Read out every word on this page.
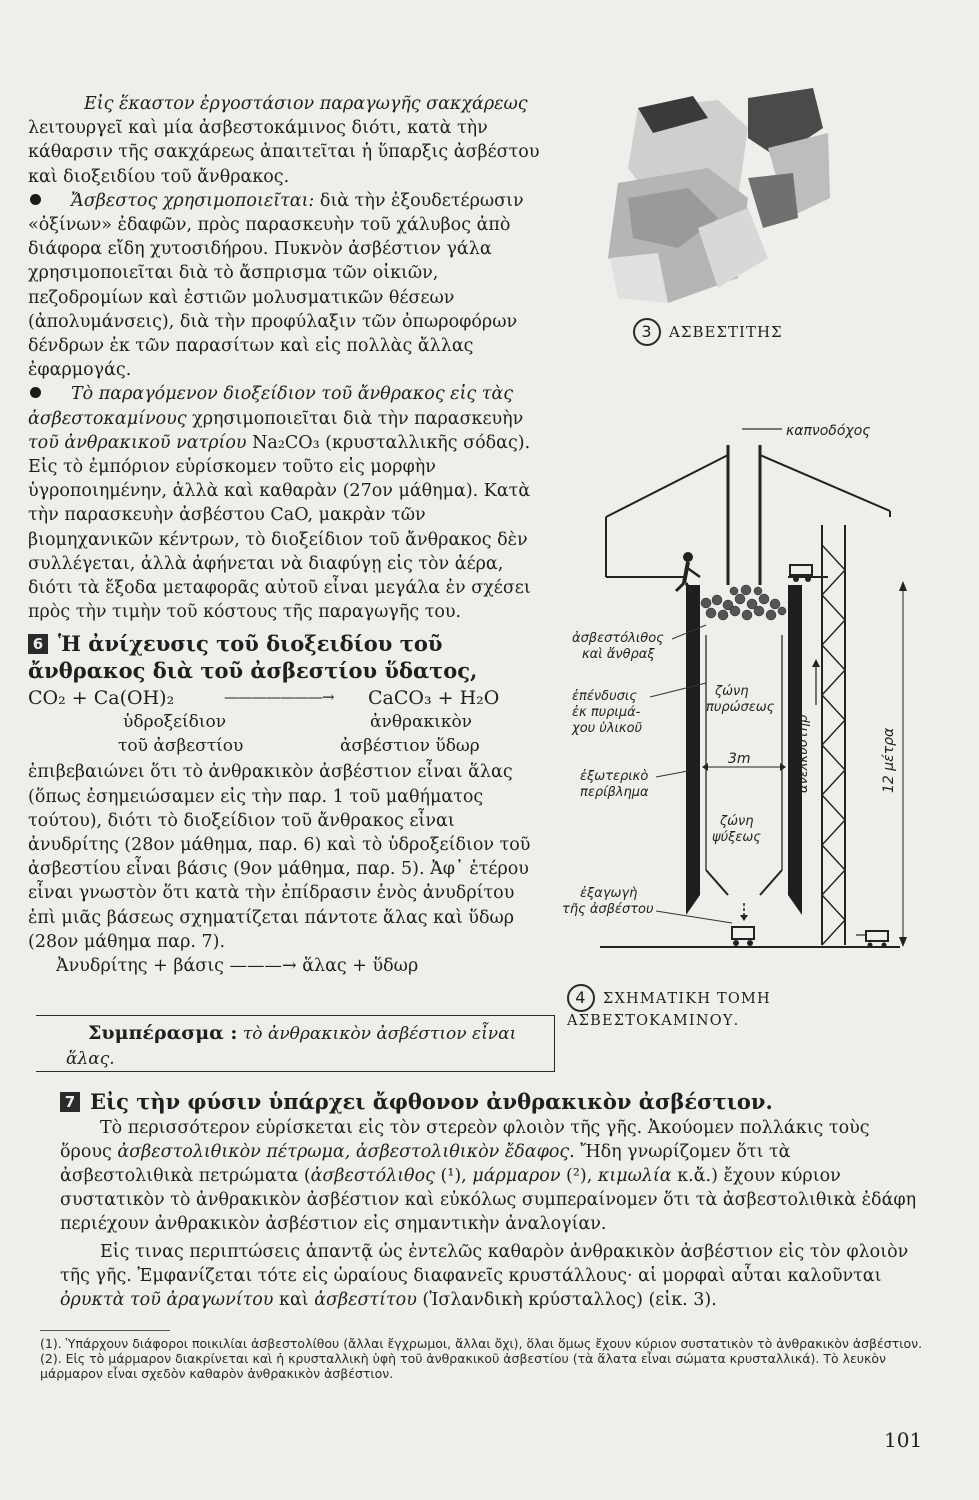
Εἰς ἕκαστον ἐργοστάσιον παραγωγῆς σακχάρεως λειτουργεῖ καὶ μία ἀσβεστοκάμινος διότι, κατὰ τὴν κάθαρσιν τῆς σακχάρεως ἀπαιτεῖται ἡ ὕπαρξις ἀσβέστου καὶ διοξειδίου τοῦ ἄνθρακος.

Ἄσβεστος χρησιμοποιεῖται: διὰ τὴν ἐξουδετέρωσιν «ὀξίνων» ἐδαφῶν, πρὸς παρασκευὴν τοῦ χάλυβος ἀπὸ διάφορα εἴδη χυτοσιδήρου. Πυκνὸν ἀσβέστιον γάλα χρησιμοποιεῖται διὰ τὸ ἄσπρισμα τῶν οἰκιῶν, πεζοδρομίων καὶ ἑστιῶν μολυσματικῶν θέσεων (ἀπολυμάνσεις), διὰ τὴν προφύλαξιν τῶν ὀπωροφόρων δένδρων ἐκ τῶν παρασίτων καὶ εἰς πολλὰς ἄλλας ἐφαρμογάς.

Τὸ παραγόμενον διοξείδιον τοῦ ἄνθρακος εἰς τὰς ἀσβεστοκαμίνους χρησιμοποιεῖται διὰ τὴν παρασκευὴν τοῦ ἀνθρακικοῦ νατρίου Na₂CO₃ (κρυσταλλικῆς σόδας). Εἰς τὸ ἐμπόριον εὑρίσκομεν τοῦτο εἰς μορφὴν ὑγροποιημένην, ἀλλὰ καὶ καθαρὰν (27ον μάθημα). Κατὰ τὴν παρασκευὴν ἀσβέστου CaO, μακρὰν τῶν βιομηχανικῶν κέντρων, τὸ διοξείδιον τοῦ ἄνθρακος δὲν συλλέγεται, ἀλλὰ ἀφήνεται νὰ διαφύγῃ εἰς τὸν ἀέρα, διότι τὰ ἔξοδα μεταφορᾶς αὐτοῦ εἶναι μεγάλα ἐν σχέσει πρὸς τὴν τιμὴν τοῦ κόστους τῆς παραγωγῆς του.

6 Ἡ ἀνίχευσις τοῦ διοξειδίου τοῦ ἄνθρακος διὰ τοῦ ἀσβεστίου ὕδατος,

CO₂ + Ca(OH)₂	———————→ CaCO₃ + H₂O
ὑδροξείδιον
τοῦ ἀσβεστίου
ἀνθρακικὸν
ἀσβέστιον ὕδωρ

ἐπιβεβαιώνει ὅτι τὸ ἀνθρακικὸν ἀσβέστιον εἶναι ἅλας (ὅπως ἐσημειώσαμεν εἰς τὴν παρ. 1 τοῦ μαθήματος τούτου), διότι τὸ διοξείδιον τοῦ ἄνθρακος εἶναι ἀνυδρίτης (28ον μάθημα, παρ. 6) καὶ τὸ ὑδροξείδιον τοῦ ἀσβεστίου εἶναι βάσις (9ον μάθημα, παρ. 5). Ἀφ᾽ ἑτέρου εἶναι γνωστὸν ὅτι κατὰ τὴν ἐπίδρασιν ἑνὸς ἀνυδρίτου ἐπὶ μιᾶς βάσεως σχηματίζεται πάντοτε ἅλας καὶ ὕδωρ (28ον μάθημα παρ. 7).

Ἀνυδρίτης + βάσις ———→ ἅλας + ὕδωρ

Συμπέρασμα : τὸ ἀνθρακικὸν ἀσβέστιον εἶναι
ἅλας.
3 ΑΣΒΕΣΤΙΤΗΣ
καπνοδόχος
12 μέτρα
ἀνελκυστήρ
3m
ζώνη
πυρώσεως
ζώνη
ψύξεως
ἀσβεστόλιθος
καὶ ἄνθραξ
ἐπένδυσις
ἐκ πυριμά-
χου ὑλικοῦ
ἐξωτερικὸ
περίβλημα
ἐξαγωγὴ
τῆς ἀσβέστου
4 ΣΧΗΜΑΤΙΚΗ ΤΟΜΗ ΑΣΒΕΣΤΟΚΑΜΙΝΟΥ.

7 Εἰς τὴν φύσιν ὑπάρχει ἄφθονον ἀνθρακικὸν ἀσβέστιον.

Τὸ περισσότερον εὑρίσκεται εἰς τὸν στερεὸν φλοιὸν τῆς γῆς. Ἀκούομεν πολλάκις τοὺς ὅρους ἀσβεστολιθικὸν πέτρωμα, ἀσβεστολιθικὸν ἔδαφος. Ἤδη γνωρίζομεν ὅτι τὰ ἀσβεστολιθικὰ πετρώματα (ἀσβεστόλιθος (¹), μάρμαρον (²), κιμωλία κ.ἄ.) ἔχουν κύριον συστατικὸν τὸ ἀνθρακικὸν ἀσβέστιον καὶ εὐκόλως συμπεραίνομεν ὅτι τὰ ἀσβεστολιθικὰ ἐδάφη περιέχουν ἀνθρακικὸν ἀσβέστιον εἰς σημαντικὴν ἀναλογίαν.

Εἰς τινας περιπτώσεις ἀπαντᾷ ὡς ἐντελῶς καθαρὸν ἀνθρακικὸν ἀσβέστιον εἰς τὸν φλοιὸν τῆς γῆς. Ἐμφανίζεται τότε εἰς ὡραίους διαφανεῖς κρυστάλλους· αἱ μορφαὶ αὗται καλοῦνται ὀρυκτὰ τοῦ ἀραγωνίτου καὶ ἀσβεστίτου (Ἰσλανδικὴ κρύσταλλος) (εἰκ. 3).

(1). Ὑπάρχουν διάφοροι ποικιλίαι ἀσβεστολίθου (ἄλλαι ἔγχρωμοι, ἄλλαι ὄχι), ὅλαι ὅμως ἔχουν κύριον συστατικὸν τὸ ἀνθρακικὸν ἀσβέστιον.

(2). Εἰς τὸ μάρμαρον διακρίνεται καὶ ἡ κρυσταλλικὴ ὑφὴ τοῦ ἀνθρακικοῦ ἀσβεστίου (τὰ ἅλατα εἶναι σώματα κρυσταλλικά). Τὸ λευκὸν μάρμαρον εἶναι σχεδὸν καθαρὸν ἀνθρακικὸν ἀσβέστιον.

101
